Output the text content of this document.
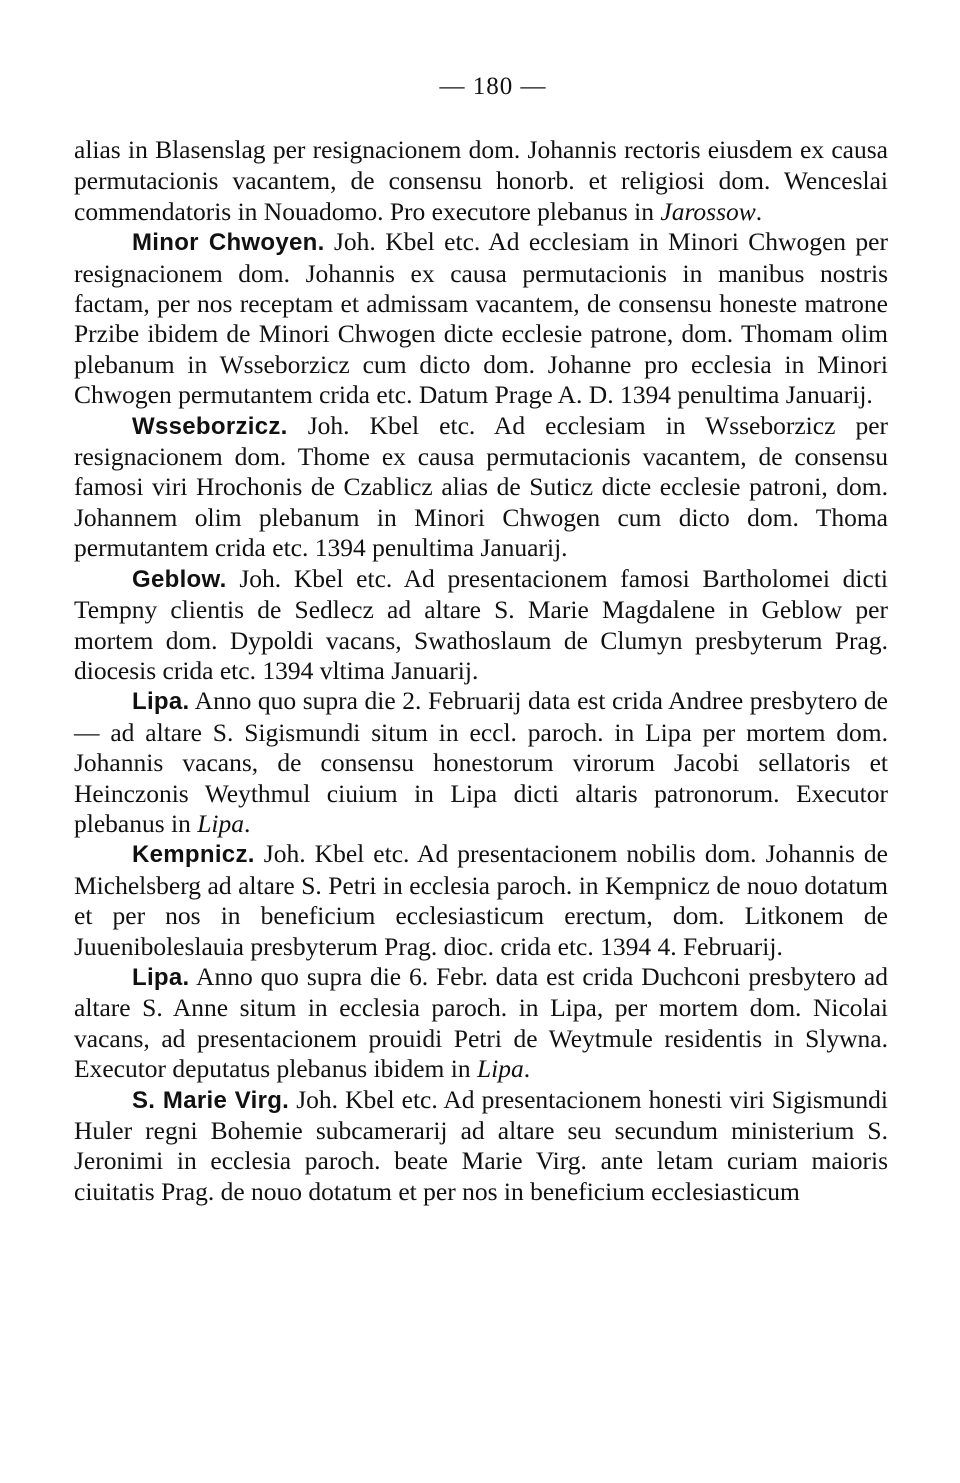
— 180 —

alias in Blasenslag per resignacionem dom. Johannis rectoris eiusdem ex causa permutacionis vacantem, de consensu honorb. et religiosi dom. Wenceslai commendatoris in Nouadomo. Pro executore plebanus in Jarossow.

Minor Chwoyen. Joh. Kbel etc. Ad ecclesiam in Minori Chwogen per resignacionem dom. Johannis ex causa permutacionis in manibus nostris factam, per nos receptam et admissam vacantem, de consensu honeste matrone Przibe ibidem de Minori Chwogen dicte ecclesie patrone, dom. Thomam olim plebanum in Wsseborzicz cum dicto dom. Johanne pro ecclesia in Minori Chwogen permutantem crida etc. Datum Prage A. D. 1394 penultima Januarij.

Wsseborzicz. Joh. Kbel etc. Ad ecclesiam in Wsseborzicz per resignacionem dom. Thome ex causa permutacionis vacantem, de consensu famosi viri Hrochonis de Czablicz alias de Suticz dicte ecclesie patroni, dom. Johannem olim plebanum in Minori Chwogen cum dicto dom. Thoma permutantem crida etc. 1394 penultima Januarij.

Geblow. Joh. Kbel etc. Ad presentacionem famosi Bartholomei dicti Tempny clientis de Sedlecz ad altare S. Marie Magdalene in Geblow per mortem dom. Dypoldi vacans, Swathoslaum de Clumyn presbyterum Prag. diocesis crida etc. 1394 vltima Januarij.

Lipa. Anno quo supra die 2. Februarij data est crida Andree presbytero de — ad altare S. Sigismundi situm in eccl. paroch. in Lipa per mortem dom. Johannis vacans, de consensu honestorum virorum Jacobi sellatoris et Heinczonis Weythmul ciuium in Lipa dicti altaris patronorum. Executor plebanus in Lipa.

Kempnicz. Joh. Kbel etc. Ad presentacionem nobilis dom. Johannis de Michelsberg ad altare S. Petri in ecclesia paroch. in Kempnicz de nouo dotatum et per nos in beneficium ecclesiasticum erectum, dom. Litkonem de Juueniboleslauia presbyterum Prag. dioc. crida etc. 1394 4. Februarij.

Lipa. Anno quo supra die 6. Febr. data est crida Duchconi presbytero ad altare S. Anne situm in ecclesia paroch. in Lipa, per mortem dom. Nicolai vacans, ad presentacionem prouidi Petri de Weytmule residentis in Slywna. Executor deputatus plebanus ibidem in Lipa.

S. Marie Virg. Joh. Kbel etc. Ad presentacionem honesti viri Sigismundi Huler regni Bohemie subcamerarij ad altare seu secundum ministerium S. Jeronimi in ecclesia paroch. beate Marie Virg. ante letam curiam maioris ciuitatis Prag. de nouo dotatum et per nos in beneficium ecclesiasticum
